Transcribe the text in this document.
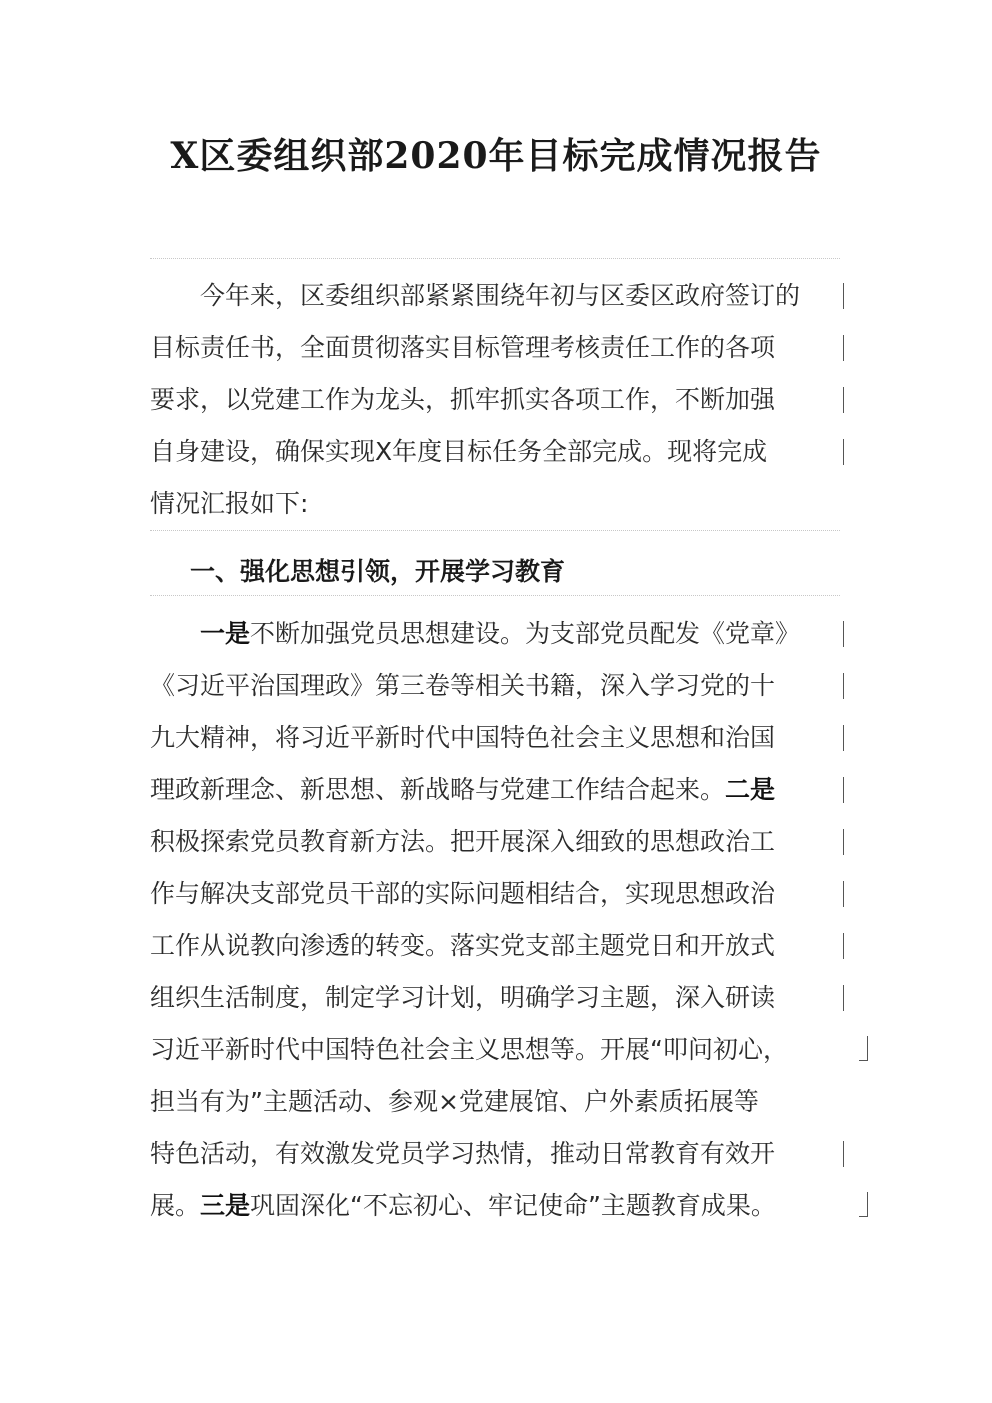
X区委组织部2020年目标完成情况报告
今年来，区委组织部紧紧围绕年初与区委区政府签订的
目标责任书，全面贯彻落实目标管理考核责任工作的各项
要求，以党建工作为龙头，抓牢抓实各项工作，不断加强
自身建设，确保实现X年度目标任务全部完成。现将完成
情况汇报如下:
一、强化思想引领，开展学习教育
一是不断加强党员思想建设。为支部党员配发《党章》
《习近平治国理政》第三卷等相关书籍，深入学习党的十
九大精神，将习近平新时代中国特色社会主义思想和治国
理政新理念、新思想、新战略与党建工作结合起来。二是
积极探索党员教育新方法。把开展深入细致的思想政治工
作与解决支部党员干部的实际问题相结合，实现思想政治
工作从说教向渗透的转变。落实党支部主题党日和开放式
组织生活制度，制定学习计划，明确学习主题，深入研读
习近平新时代中国特色社会主义思想等。开展“叩问初心，
担当有为”主题活动、参观×党建展馆、户外素质拓展等
特色活动，有效激发党员学习热情，推动日常教育有效开
展。三是巩固深化“不忘初心、牢记使命”主题教育成果。
